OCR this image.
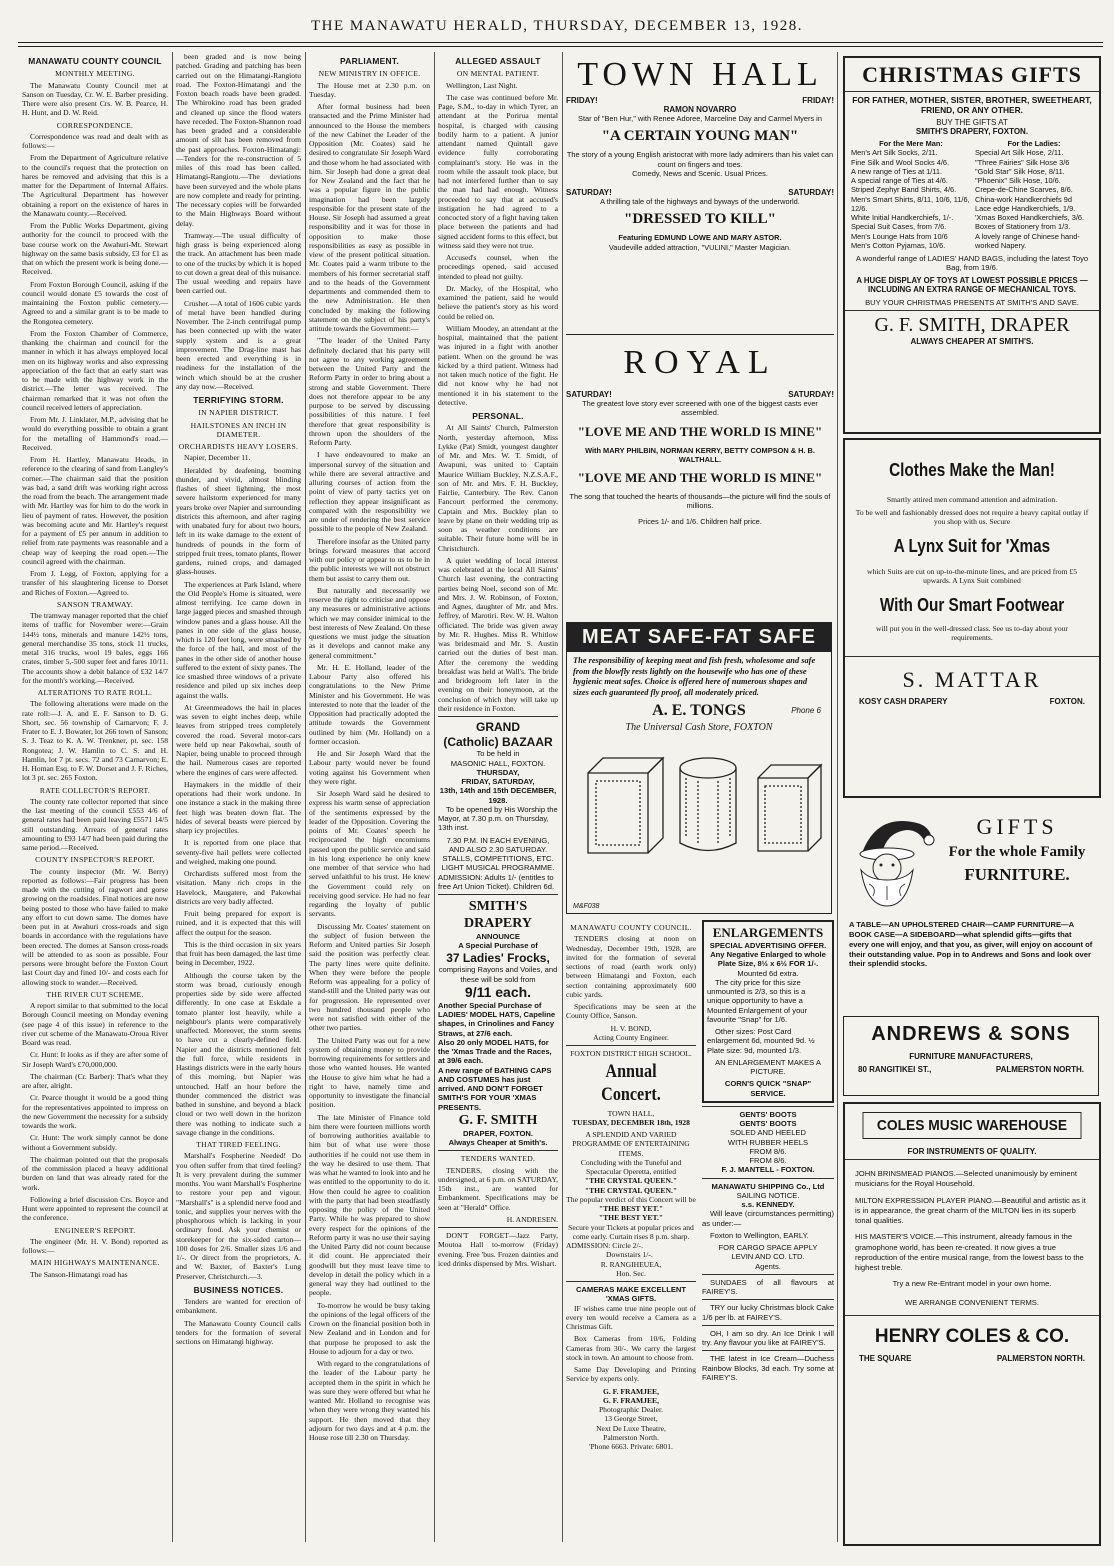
THE MANAWATU HERALD, THURSDAY, DECEMBER 13, 1928.
MANAWATU COUNTY COUNCIL
MONTHLY MEETING.

The Manawatu County Council met at Sanson on Tuesday, Cr. W. E. Barber presiding. There were also present Crs. W. B. Pearce, H. H. Hunt, and D. W. Reid.

CORRESPONDENCE.

Correspondence was read and dealt with as follows:—

From the Department of Agriculture relative to the council's request that the protection on hares be removed and advising that this is a matter for the Department of Internal Affairs. The Agricultural Department has however obtaining a report on the existence of hares in the Manawatu county.—Received.

From the Public Works Department, giving authority for the council to proceed with the base course work on the Awahuri-Mt. Stewart highway on the same basis subsidy, £3 for £1 as that on which the present work is being done.—Received.

From Foxton Borough Council, asking if the council would donate £5 towards the cost of maintaining the Foxton public cemetery.—Agreed to and a similar grant is to be made to the Rongotea cemetery.

From the Foxton Chamber of Commerce, thanking the chairman and council for the manner in which it has always employed local men on its highway works and also expressing appreciation of the fact that an early start was to be made with the highway work in the district.—The letter was received. The chairman remarked that it was not often the council received letters of appreciation.

From Mr. J. Linklater, M.P., advising that he would do everything possible to obtain a grant for the metalling of Hammond's road.—Received.

From H. Hartley, Manawatu Heads, in reference to the clearing of sand from Langley's corner.—The chairman said that the position was bad, a sand drift was working right across the road from the beach. The arrangement made with Mr. Hartley was for him to do the work in lieu of payment of rates. However, the position was becoming acute and Mr. Hartley's request for a payment of £5 per annum in addition to relief from rate payments was reasonable and a cheap way of keeping the road open.—The council agreed with the chairman.

From J. Legg, of Foxton, applying for a transfer of his slaughtering license to Dorset and Riches of Foxton.—Agreed to.

SANSON TRAMWAY.

The tramway manager reported that the chief items of traffic for November were:—Grain 144½ tons, minerals and manure 142½ tons, general merchandise 35 tons, stock 11 trucks, metal 316 trucks, wool 19 bales, eggs 166 crates, timber 5,-500 super feet and fares 10/11. The accounts show a debit balance of £32 14/7 for the month's working.—Received.

ALTERATIONS TO RATE ROLL.

The following alterations were made on the rate roll:—J. A. and E. F. Sanson to D. G. Short, sec. 56 township of Carnarvon; F. J. Frater to E. J. Bowater, lot 266 town of Sanson; S. J. Teaz to K. A. W. Trenkner, pt. sec. 158 Rongotea; J. W. Hamlin to C. S. and H. Hamlin, lot 7 pt. secs. 72 and 73 Carnarvon; E. H. Homan Esq. to F. W. Dorset and J. F. Riches, lot 3 pt. sec. 265 Foxton.

RATE COLLECTOR'S REPORT.

The county rate collector reported that since the last meeting of the council £553 4/6 of general rates had been paid leaving £5571 14/5 still outstanding. Arrears of general rates amounting to £93 14/7 had been paid during the same period.—Received.

COUNTY INSPECTOR'S REPORT.

The county inspector (Mr. W. Berry) reported as follows:—Fair progress has been made with the cutting of ragwort and gorse growing on the roadsides. Final notices are now being posted to those who have failed to make any effort to cut down same. The domes have been put in at Awahuri cross-roads and sign boards in accordance with the regulations have been erected. The domes at Sanson cross-roads will be attended to as soon as possible. Four persons were brought before the Foxton Court last Court day and fined 10/- and costs each for allowing stock to wander.—Received.

THE RIVER CUT SCHEME.

A report similar to that submitted to the local Borough Council meeting on Monday evening (see page 4 of this issue) in reference to the river cut scheme of the Manawatu-Oroua River Board was read.

Cr. Hunt: It looks as if they are after some of Sir Joseph Ward's £70,000,000.

The chairman (Cr. Barber): That's what they are after, alright.

Cr. Pearce thought it would be a good thing for the representatives appointed to impress on the new Government the necessity for a subsidy towards the work.

Cr. Hunt: The work simply cannot be done without a Government subsidy.

The chairman pointed out that the proposals of the commission placed a heavy additional burden on land that was already rated for the work.

Following a brief discussion Crs. Boyce and Hunt were appointed to represent the council at the conference.

ENGINEER'S REPORT.

The engineer (Mr. H. V. Bond) reported as follows:—

MAIN HIGHWAYS MAINTENANCE.

The Sanson-Himatangi road has

been graded and is now being patched. Grading and patching has been carried out on the Himatangi-Rangiotu road. The Foxton-Himatangi and the Foxton beach roads have been graded. The Whirokino road has been graded and cleaned up since the flood waters have receded. The Foxton-Shannon road has been graded and a considerable amount of silt has been removed from the past approaches. Foxton-Himatangi:—Tenders for the re-construction of 5 miles of this road has been called. Himatangi-Rangiotu.—The deviations have been surveyed and the whole plans are now complete and ready for printing. The necessary copies will be forwarded to the Main Highways Board without delay.

Tramway.—The usual difficulty of high grass is being experienced along the track. An attachment has been made to one of the trucks by which it is hoped to cut down a great deal of this nuisance. The usual weeding and repairs have been carried out.

Crusher.—A total of 1606 cubic yards of metal have been handled during November. The 2-inch centrifugal pump has been connected up with the water supply system and is a great improvement. The Drag-line mast has been erected and everything is in readiness for the installation of the winch which should be at the crusher any day now.—Received.

TERRIFYING STORM.
IN NAPIER DISTRICT.
HAILSTONES AN INCH IN DIAMETER.
ORCHARDISTS HEAVY LOSERS.

Napier, December 11.

Heralded by deafening, booming thunder, and vivid, almost blinding flashes of sheet lightning, the most severe hailstorm experienced for many years broke over Napier and surrounding districts this afternoon, and after raging with unabated fury for about two hours, left in its wake damage to the extent of hundreds of pounds in the form of stripped fruit trees, tomato plants, flower gardens, ruined crops, and damaged glass-houses.

The experiences at Park Island, where the Old People's Home is situated, were almost terrifying. Ice came down in large jagged pieces and smashed through window panes and a glass house. All the panes in one side of the glass house, which is 120 feet long, were smashed by the force of the hail, and most of the panes in the other side of another house suffered to the extent of sixty panes. The ice smashed three windows of a private residence and piled up six inches deep against the walls.

At Greenmeadows the hail in places was seven to eight inches deep, while leaves from stripped trees completely covered the road. Several motor-cars were held up near Pakowhai, south of Napier, being unable to proceed through the hail. Numerous cases are reported where the engines of cars were affected.

Haymakers in the middle of their operations had their work undone. In one instance a stack in the making three feet high was beaten down flat. The hides of several beasts were pierced by sharp icy projectiles.

It is reported from one place that seventy-five hail pellets were collected and weighed, making one pound.

Orchardists suffered most from the visitation. Many rich crops in the Havelock, Maugatere, and Pakowhai districts are very badly affected.

Fruit being prepared for export is ruined, and it is expected that this will affect the output for the season.

This is the third occasion in six years that fruit has been damaged, the last time being in December, 1922.

Although the course taken by the storm was broad, curiously enough properties side by side were affected differently. In one case at Eskdale a tomato planter lost heavily, while a neighbour's plants were comparatively unaffected. Moreover, the storm seems to have cut a clearly-defined field. Napier and the districts mentioned felt the full force, while residents in Hastings districts were in the early hours of this morning, but Napier was untouched. Half an hour before the thunder commenced the district was bathed in sunshine, and beyond a black cloud or two well down in the horizon there was nothing to indicate such a savage change in the conditions.

THAT TIRED FEELING.

Marshall's Fospherine Needed! Do you often suffer from that tired feeling? It is very prevalent during the summer months. You want Marshall's Fospherine to restore your pep and vigour. "Marshall's" is a splendid nerve food and tonic, and supplies your nerves with the phosphorous which is lacking in your ordinary food. Ask your chemist or storekeeper for the six-sided carton—100 doses for 2/6. Smaller sizes 1/6 and 1/-. Or direct from the proprietors, A. and W. Baxter, of Baxter's Lung Preserver, Christchurch.—3.

BUSINESS NOTICES.

Tenders are wanted for erection of embankment.

The Manawatu County Council calls tenders for the formation of several sections on Himatangi highway.

PARLIAMENT.
NEW MINISTRY IN OFFICE.

The House met at 2.30 p.m. on Tuesday.

After formal business had been transacted and the Prime Minister had announced to the House the members of the new Cabinet the Leader of the Opposition (Mr. Coates) said he desired to congratulate Sir Joseph Ward and those whom he had associated with him. Sir Joseph had done a great deal for New Zealand and the fact that he was a popular figure in the public imagination had been largely responsible for the present state of the House. Sir Joseph had assumed a great responsibility and it was for those in opposition to make those responsibilities as easy as possible in view of the present political situation. Mr. Coates paid a warm tribute to the members of his former secretarial staff and to the heads of the Government departments and commended them to the new Administration. He then concluded by making the following statement on the subject of his party's attitude towards the Government:—

"The leader of the United Party definitely declared that his party will not agree to any working agreement between the United Party and the Reform Party in order to bring about a strong and stable Government. There does not therefore appear to be any purpose to be served by discussing possibilities of this nature. I feel therefore that great responsibility is thrown upon the shoulders of the Reform Party.

I have endeavoured to make an impersonal survey of the situation and while there are several attractive and alluring courses of action from the point of view of party tactics yet on reflection they appear insignificant as compared with the responsibility we are under of rendering the best service possible to the people of New Zealand.

Therefore insofar as the United party brings forward measures that accord with our policy or appear to us to be in the public interests we will not obstruct them but assist to carry them out.

But naturally and necessarily we reserve the right to criticise and oppose any measures or administrative actions which we may consider inimical to the best interests of New Zealand. On these questions we must judge the situation as it develops and cannot make any general commitment."

Mr. H. E. Holland, leader of the Labour Party also offered his congratulations to the New Prime Minister and his Government. He was interested to note that the leader of the Opposition had practically adopted the attitude towards the Government outlined by him (Mr. Holland) on a former occasion.

He and Sir Joseph Ward that the Labour party would never be found voting against his Government when they were right.

Sir Joseph Ward said he desired to express his warm sense of appreciation of the sentiments expressed by the leader of the Opposition. Covering the points of Mr. Coates' speech he reciprocated the high encomiums passed upon the public service and said in his long experience he only knew one member of that service who had served unfaithful to his trust. He knew the Government could rely on receiving good service. He had no fear regarding the loyalty of public servants.

Discussing Mr. Coates' statement on the subject of fusion between the Reform and United parties Sir Joseph said the position was perfectly clear. The party lines were quite definite. When they were before the people Reform was appealing for a policy of stand-still and the United party was out for progression. He represented over two hundred thousand people who were not satisfied with either of the other two parties.

The United Party was out for a new system of obtaining money to provide borrowing requirements for settlers and those who wanted houses. He wanted the House to give him what he had a right to have, namely time and opportunity to investigate the financial position.

The late Minister of Finance told him there were fourteen millions worth of borrowing authorities available to him but of what use were those authorities if he could not use them in the way he desired to use them. That was what he wanted to look into and he was entitled to the opportunity to do it. How then could he agree to coalition with the party that had been steadfastly opposing the policy of the United Party. While he was prepared to show every respect for the opinions of the Reform party it was no use their saying the United Party did not count because it did count. He appreciated their goodwill but they must leave time to develop in detail the policy which in a general way they had outlined to the people.

To-morrow he would be busy taking the opinions of the legal officers of the Crown on the financial position both in New Zealand and in London and for that purpose he proposed to ask the House to adjourn for a day or two.

With regard to the congratulations of the leader of the Labour party he accepted them in the spirit in which he was sure they were offered but what he wanted Mr. Holland to recognise was when they were wrong they wanted his support. He then moved that they adjourn for two days and at 4 p.m. the House rose till 2.30 on Thursday.

ALLEGED ASSAULT
ON MENTAL PATIENT.

Wellington, Last Night.

The case was continued before Mr. Page, S.M., to-day in which Tyrer, an attendant at the Porirua mental hospital, is charged with causing bodily harm to a patient. A junior attendant named Quintall gave evidence fully corroborating complainant's story. He was in the room while the assault took place, but had not interfered further than to say the man had had enough. Witness proceeded to say that at accused's instigation he had agreed to a concocted story of a fight having taken place between the patients and had signed accident forms to this effect, but witness said they were not true.

Accused's counsel, when the proceedings opened, said accused intended to plead not guilty.

Dr. Macky, of the Hospital, who examined the patient, said he would believe the patient's story as his word could be relied on.

William Moodey, an attendant at the hospital, maintained that the patient was injured in a fight with another patient. When on the ground he was kicked by a third patient. Witness had not taken much notice of the fight. He did not know why he had not mentioned it in his statement to the detective.

PERSONAL.

At All Saints' Church, Palmerston North, yesterday afternoon, Miss Lykke (Pat) Smidt, youngest daughter of Mr. and Mrs. W. T. Smidt, of Awapuni, was united to Captain Maurice William Buckley, N.Z.S.A.F., son of Mr. and Mrs. F. H. Buckley, Fairlie, Canterbury. The Rev. Canon Fancourt performed the ceremony. Captain and Mrs. Buckley plan to leave by plane on their wedding trip as soon as weather conditions are suitable. Their future home will be in Christchurch.

A quiet wedding of local interest was celebrated at the local All Saints' Church last evening, the contracting parties being Noel, second son of Mr. and Mrs. J. W. Robinson, of Foxton, and Agnes, daughter of Mr. and Mrs. Jeffrey, of Marotiri. Rev. W. H. Walton officiated. The bride was given away by Mr. R. Hughes. Miss R. Whitlow was bridesmaid and Mr. S. Austin carried out the duties of best man. After the ceremony the wedding breakfast was held at Wall's. The bride and bridegroom left later in the evening on their honeymoon, at the conclusion of which they will take up their residence in Foxton.

GRAND
(Catholic) BAZAAR
To be held in
MASONIC HALL, FOXTON.
THURSDAY,
FRIDAY, SATURDAY,
13th, 14th and 15th DECEMBER, 1928.

To be opened by His Worship the Mayor, at 7.30 p.m. on Thursday, 13th inst.

7.30 P.M. IN EACH EVENING, AND ALSO 2.30 SATURDAY.
STALLS, COMPETITIONS, ETC. LIGHT MUSICAL PROGRAMME.
ADMISSION: Adults 1/- (entitles to free Art Union Ticket). Children 6d.
SMITH'S
DRAPERY
ANNOUNCE
A Special Purchase of
37 Ladies' Frocks,
comprising Rayons and Voiles, and these will be sold from
9/11 each.
Another Special Purchase of LADIES' MODEL HATS, Capeline shapes, in Crinolines and Fancy Straws, at 27/6 each.
Also 20 only MODEL HATS, for the 'Xmas Trade and the Races, at 39/6 each.
A new range of BATHING CAPS AND COSTUMES has just arrived. AND DON'T FORGET SMITH'S FOR YOUR 'XMAS PRESENTS.
G. F. SMITH
DRAPER, FOXTON.
Always Cheaper at Smith's.
TENDERS WANTED.

TENDERS, closing with the undersigned, at 6 p.m. on SATURDAY, 15th inst., are wanted for Embankment. Specifications may be seen at "Herald" Office.

H. ANDRESEN.

DON'T FORGET—Jazz Party, Moutoa Hall to-morrow (Friday) evening. Free 'bus. Frozen dainties and iced drinks dispensed by Mrs. Wishart.

TOWN HALL
FRIDAY!	FRIDAY!
RAMON NOVARRO
Star of "Ben Hur," with Renee Adoree, Marceline Day and Carmel Myers in
"A CERTAIN YOUNG MAN"
The story of a young English aristocrat with more lady admirers than his valet can count on fingers and toes.
Comedy, News and Scenic. Usual Prices.
SATURDAY!	SATURDAY!
A thrilling tale of the highways and byways of the underworld.
"DRESSED TO KILL"
Featuring EDMUND LOWE AND MARY ASTOR.
Vaudeville added attraction, "VULINI," Master Magician.
ROYAL
SATURDAY!	SATURDAY!
The greatest love story ever screened with one of the biggest casts ever assembled.
"LOVE ME AND THE WORLD IS MINE"
With MARY PHILBIN, NORMAN KERRY, BETTY COMPSON & H. B. WALTHALL.
"LOVE ME AND THE WORLD IS MINE"
The song that touched the hearts of thousands—the picture will find the souls of millions.
Prices 1/- and 1/6. Children half price.
MEAT SAFE-FAT SAFE
The responsibility of keeping meat and fish fresh, wholesome and safe from the blowfly rests lightly on the housewife who has one of these hygienic meat safes. Choice is offered here of numerous shapes and sizes each guaranteed fly proof, all moderately priced.
A. E. TONGS	Phone 6
The Universal Cash Store, FOXTON
M&F038
MANAWATU COUNTY COUNCIL.

TENDERS closing at noon on Wednesday, December 19th, 1928, are invited for the formation of several sections of road (earth work only) between Himatangi and Foxton, each section containing approximately 600 cubic yards.

Specifications may be seen at the County Office, Sanson.

H. V. BOND,
Acting County Engineer.
FOXTON DISTRICT HIGH SCHOOL.
Annual Concert.
TOWN HALL,
TUESDAY, DECEMBER 18th, 1928
A SPLENDID AND VARIED PROGRAMME OF ENTERTAINING ITEMS.
Concluding with the Tuneful and Spectacular Operetta, entitled
"THE CRYSTAL QUEEN."
"THE CRYSTAL QUEEN."
The popular verdict of this Concert will be
"THE BEST YET."
"THE BEST YET."
Secure your Tickets at popular prices and come early. Curtain rises 8 p.m. sharp.
ADMISSION: Circle 2/-.
Downstairs 1/-.
R. RANGIHEUEA,
Hon. Sec.
CAMERAS MAKE EXCELLENT 'XMAS GIFTS.

IF wishes came true nine people out of every ten would receive a Camera as a Christmas Gift.

Box Cameras from 10/6, Folding Cameras from 30/-. We carry the largest stock in town. An amount to choose from.

Same Day Developing and Printing Service by experts only.

G. F. FRAMJEE,
G. F. FRAMJEE,
Photographic Dealer.
13 George Street,
Next De Luxe Theatre,
Palmerston North.
'Phone 6663. Private: 6801.
ENLARGEMENTS
SPECIAL ADVERTISING OFFER.
Any Negative Enlarged to whole Plate Size, 8½ x 6½ FOR 1/-.
Mounted 6d extra.

The city price for this size unmounted is 2/3, so this is a unique opportunity to have a Mounted Enlargement of your favourite "Snap" for 1/6.

Other sizes: Post Card enlargement 6d, mounted 9d. ½ Plate size: 9d, mounted 1/3.

AN ENLARGEMENT MAKES A PICTURE.
CORN'S QUICK "SNAP" SERVICE.
GENTS' BOOTS
GENTS' BOOTS
SOLED AND HEELED
WITH RUBBER HEELS
FROM 8/6.
FROM 8/6.
F. J. MANTELL - FOXTON.
MANAWATU SHIPPING Co., Ltd
SAILING NOTICE.
s.s. KENNEDY.

Will leave (circumstances permitting) as under:—

Foxton to Wellington, EARLY.

FOR CARGO SPACE APPLY
LEVIN AND CO. LTD.
Agents.

SUNDAES of all flavours at FAIREY'S.

TRY our lucky Christmas block Cake 1/6 per lb. at FAIREY'S.

OH, I am so dry. An Ice Drink I will try. Any flavour you like at FAIREY'S.

THE latest in Ice Cream—Duchess Rainbow Blocks, 3d each. Try some at FAIREY'S.

CHRISTMAS GIFTS
FOR FATHER, MOTHER, SISTER, BROTHER, SWEETHEART, FRIEND, OR ANY OTHER.
BUY THE GIFTS AT
SMITH'S DRAPERY, FOXTON.
For the Mere Man:
Men's Art Silk Socks, 2/11.
Fine Silk and Wool Socks 4/6.
A new range of Ties at 1/11.
A special range of Ties at 4/6.
Striped Zephyr Band Shirts, 4/6.
Men's Smart Shirts, 8/11, 10/6, 11/6, 12/6.
White Initial Handkerchiefs, 1/-.
Special Suit Cases, from 7/6.
Men's Lounge Hats from 10/6
Men's Cotton Pyjamas, 10/6.
For the Ladies:
Special Art Silk Hose, 2/11.
"Three Fairies" Silk Hose 3/6
"Gold Star" Silk Hose, 8/11.
"Phoenix" Silk Hose, 10/6.
Crepe-de-Chine Scarves, 8/6.
China-work Handkerchiefs 9d
Lace edge Handkerchiefs, 1/9.
'Xmas Boxed Handkerchiefs, 3/6.
Boxes of Stationery from 1/3.
A lovely range of Chinese hand-worked Napery.
A wonderful range of LADIES' HAND BAGS, including the latest Toyo Bag, from 19/6.
A HUGE DISPLAY OF TOYS AT LOWEST POSSIBLE PRICES — INCLUDING AN EXTRA RANGE OF MECHANICAL TOYS.
BUY YOUR CHRISTMAS PRESENTS AT SMITH'S AND SAVE.
G. F. SMITH, DRAPER
ALWAYS CHEAPER AT SMITH'S.
Clothes Make the Man!
Smartly attired men command attention and admiration.
To be well and fashionably dressed does not require a heavy capital outlay if you shop with us. Secure
A Lynx Suit for 'Xmas
which Suits are cut on up-to-the-minute lines, and are priced from £5 upwards. A Lynx Suit combined
With Our Smart Footwear
will put you in the well-dressed class. See us to-day about your requirements.
S. MATTAR
KOSY CASH DRAPERY	FOXTON.
GIFTS
For the whole Family
FURNITURE.
A TABLE—AN UPHOLSTERED CHAIR—CAMP FURNITURE—A BOOK CASE—A SIDEBOARD—what splendid gifts—gifts that every one will enjoy, and that you, as giver, will enjoy on account of their outstanding value. Pop in to Andrews and Sons and look over their splendid stocks.
ANDREWS & SONS
FURNITURE MANUFACTURERS,
80 RANGITIKEI ST.,	PALMERSTON NORTH.
COLES MUSIC WAREHOUSE
FOR INSTRUMENTS OF QUALITY.
JOHN BRINSMEAD PIANOS.—Selected unanimously by eminent musicians for the Royal Household.
MILTON EXPRESSION PLAYER PIANO.—Beautiful and artistic as it is in appearance, the great charm of the MILTON lies in its superb tonal qualities.
HIS MASTER'S VOICE.—This instrument, already famous in the gramophone world, has been re-created. It now gives a true reproduction of the entire musical range, from the lowest bass to the highest treble.
Try a new Re-Entrant model in your own home.
WE ARRANGE CONVENIENT TERMS.
HENRY COLES & CO.
THE SQUARE	PALMERSTON NORTH.
